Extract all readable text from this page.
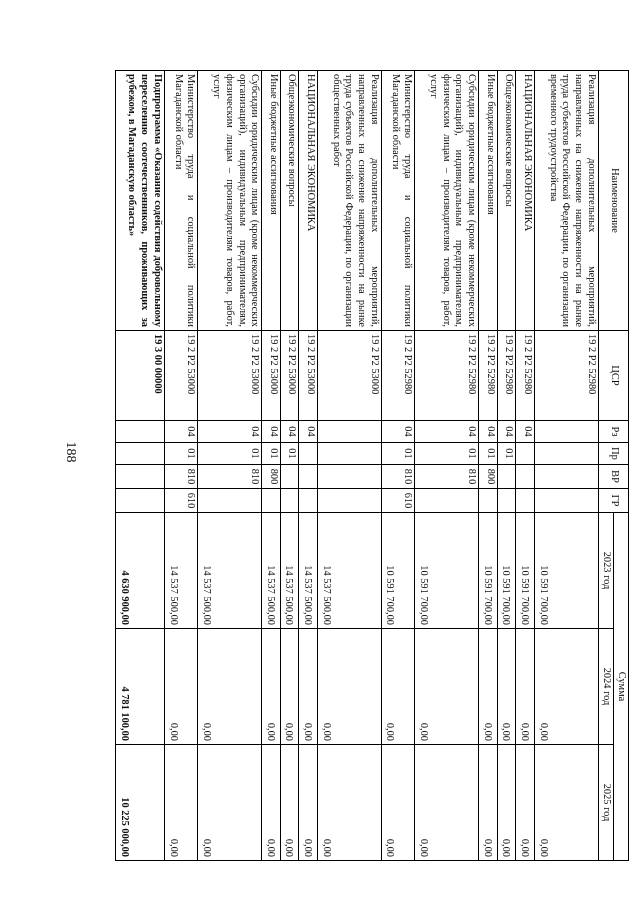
188
Наименование	ЦСР	Рз	Пр	ВР	ГР	Сумма		
						2023 год	2024 год	2025 год
Реализация дополнительных мероприятий, направленных на снижение напряженности на рынке труда субъектов Российской Федерации, по организации временного трудоустройства	19 2 Р2 52980					10 591 700,00	0,00	0,00
НАЦИОНАЛЬНАЯ ЭКОНОМИКА	19 2 Р2 52980	04				10 591 700,00	0,00	0,00
Общеэкономические вопросы	19 2 Р2 52980	04	01			10 591 700,00	0,00	0,00
Иные бюджетные ассигнования	19 2 Р2 52980	04	01	800		10 591 700,00	0,00	0,00
Субсидии юридическим лицам (кроме некоммерческих организаций), индивидуальным предпринимателям, физическим лицам – производителям товаров, работ, услуг	19 2 Р2 52980	04	01	810		10 591 700,00	0,00	0,00
Министерство труда и социальной политики Магаданской области	19 2 Р2 52980	04	01	810	610	10 591 700,00	0,00	0,00
Реализация дополнительных мероприятий, направленных на снижение напряженности на рынке труда субъектов Российской Федерации, по организации общественных работ	19 2 Р2 53000					14 537 500,00	0,00	0,00
НАЦИОНАЛЬНАЯ ЭКОНОМИКА	19 2 Р2 53000	04				14 537 500,00	0,00	0,00
Общеэкономические вопросы	19 2 Р2 53000	04	01			14 537 500,00	0,00	0,00
Иные бюджетные ассигнования	19 2 Р2 53000	04	01	800		14 537 500,00	0,00	0,00
Субсидии юридическим лицам (кроме некоммерческих организаций), индивидуальным предпринимателям, физическим лицам – производителям товаров, работ, услуг	19 2 Р2 53000	04	01	810		14 537 500,00	0,00	0,00
Министерство труда и социальной политики Магаданской области	19 2 Р2 53000	04	01	810	610	14 537 500,00	0,00	0,00
Подпрограмма «Оказание содействия добровольному переселению соотечественников, проживающих за рубежом, в Магаданскую область»	19 3 00 00000					4 630 900,00	4 781 100,00	10 225 000,00
